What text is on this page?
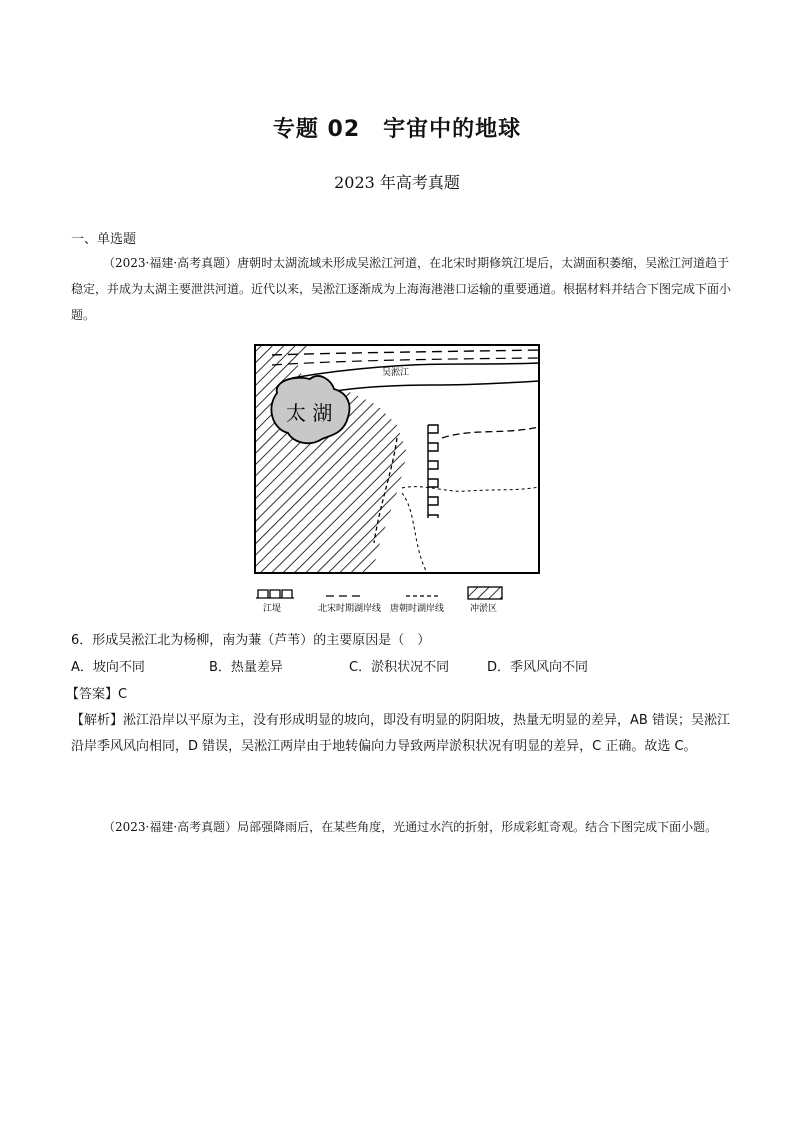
专题 02　宇宙中的地球
2023 年高考真题
一、单选题
（2023·福建·高考真题）唐朝时太湖流域未形成吴淞江河道，在北宋时期修筑江堤后，太湖面积萎缩，吴淞江河道趋于稳定，并成为太湖主要泄洪河道。近代以来，吴淞江逐渐成为上海海港港口运输的重要通道。根据材料并结合下图完成下面小题。
太 湖
吴淞江
江堤	北宋时期湖岸线 唐朝时湖岸线	冲淤区
6．形成吴淞江北为杨柳，南为蒹（芦苇）的主要原因是（　）
A．坡向不同	B．热量差异	C．淤积状况不同	D．季风风向不同
【答案】C
【解析】淞江沿岸以平原为主，没有形成明显的坡向，即没有明显的阴阳坡，热量无明显的差异，AB 错误；吴淞江沿岸季风风向相同，D 错误，吴淞江两岸由于地转偏向力导致两岸淤积状况有明显的差异，C 正确。故选 C。
（2023·福建·高考真题）局部强降雨后，在某些角度，光通过水汽的折射，形成彩虹奇观。结合下图完成下面小题。
